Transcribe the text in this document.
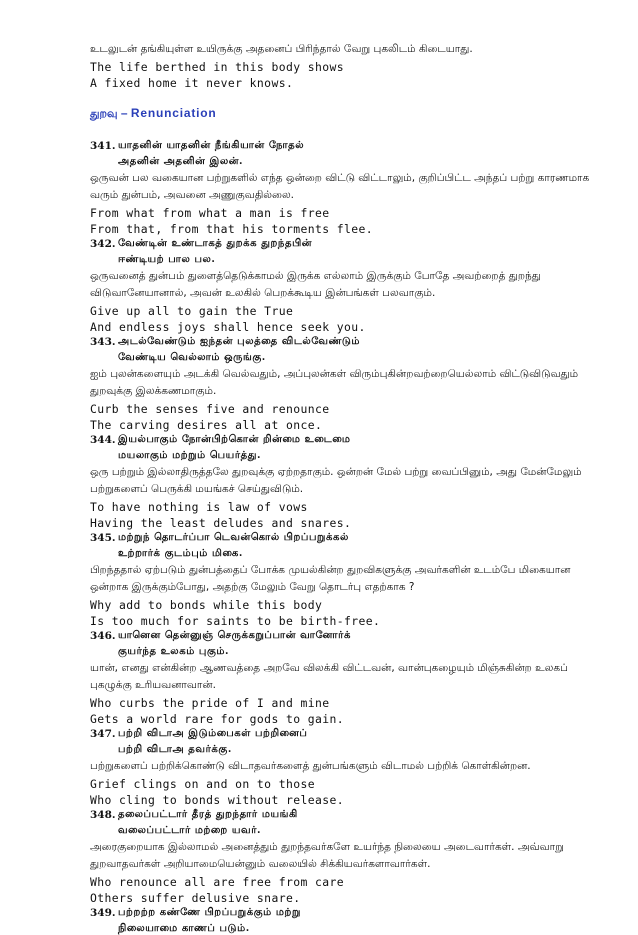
உடலுடன் தங்கியுள்ள உயிருக்கு அதனைப் பிரிந்தால் வேறு புகலிடம் கிடையாது.
The life berthed in this body shows
A fixed home it never knows.
துறவு – Renunciation
341. யாதனின் யாதனின் நீங்கியான் நோதல்
அதனின் அதனின் இலன்.
ஒருவன் பல வகையான பற்றுகளில் எந்த ஒன்றை விட்டு விட்டாலும், குறிப்பிட்ட அந்தப் பற்று காரணமாக
வரும் துன்பம், அவனை அணுகுவதில்லை.
From what from what a man is free
From that, from that his torments flee.
342. வேண்டின் உண்டாகத் துறக்க துறந்தபின்
ஈண்டியற் பால பல.
ஒருவனைத் துன்பம் துளைத்தெடுக்காமல் இருக்க எல்லாம் இருக்கும் போதே அவற்றைத் துறந்து
விடுவானேயானால், அவன் உலகில் பெறக்கூடிய இன்பங்கள் பலவாகும்.
Give up all to gain the True
And endless joys shall hence seek you.
343. அடல்வேண்டும் ஐந்தன் புலத்தை விடல்வேண்டும்
வேண்டிய வெல்லாம் ஒருங்கு.
ஐம் புலன்களையும் அடக்கி வெல்வதும், அப்புலன்கள் விரும்புகின்றவற்றையெல்லாம் விட்டுவிடுவதும்
துறவுக்கு இலக்கணமாகும்.
Curb the senses five and renounce
The carving desires all at once.
344. இயல்பாகும் நோன்பிற்கொன் றின்மை உடைமை
மயலாகும் மற்றும் பெயர்த்து.
ஒரு பற்றும் இல்லாதிருத்தலே துறவுக்கு ஏற்றதாகும். ஒன்றன் மேல் பற்று வைப்பினும், அது மேன்மேலும்
பற்றுகளைப் பெருக்கி மயங்கச் செய்துவிடும்.
To have nothing is law of vows
Having the least deludes and snares.
345. மற்றுந் தொடர்ப்பா டெவன்கொல் பிறப்பறுக்கல்
உற்றார்க் குடம்பும் மிகை.
பிறந்ததால் ஏற்படும் துன்பத்தைப் போக்க முயல்கின்ற துறவிகளுக்கு அவர்களின் உடம்பே மிகையான
ஒன்றாக இருக்கும்போது, அதற்கு மேலும் வேறு தொடர்பு எதற்காக ?
Why add to bonds while this body
Is too much for saints to be birth-free.
346. யானென தென்னுஞ் செருக்கறுப்பான் வானோர்க்
குயர்ந்த உலகம் புகும்.
யான், எனது என்கின்ற ஆணவத்தை அறவே விலக்கி விட்டவன், வான்புகழையும் மிஞ்சுகின்ற உலகப்
புகழுக்கு உரியவனாவான்.
Who curbs the pride of I and mine
Gets a world rare for gods to gain.
347. பற்றி விடாஅ இடும்பைகள் பற்றினைப்
பற்றி விடாஅ தவர்க்கு.
பற்றுகளைப் பற்றிக்கொண்டு விடாதவர்களைத் துன்பங்களும் விடாமல் பற்றிக் கொள்கின்றன.
Grief clings on and on to those
Who cling to bonds without release.
348. தலைப்பட்டார் தீரத் துறந்தார் மயங்கி
வலைப்பட்டார் மற்றை யவர்.
அரைகுறையாக இல்லாமல் அனைத்தும் துறந்தவர்களே உயர்ந்த நிலையை அடைவார்கள். அவ்வாறு
துறவாதவர்கள் அறியாமையென்னும் வலையில் சிக்கியவர்களாவார்கள்.
Who renounce all are free from care
Others suffer delusive snare.
349. பற்றற்ற கண்ணே பிறப்பறுக்கும் மற்று
நிலையாமை காணப் படும்.
